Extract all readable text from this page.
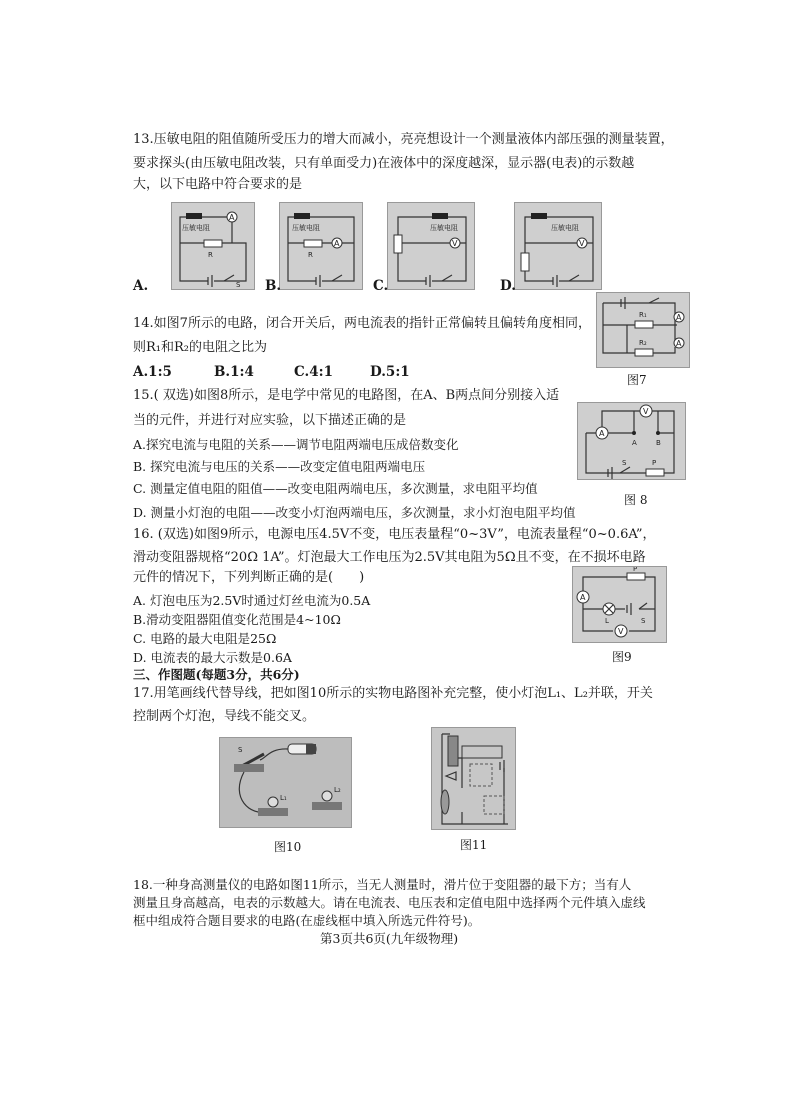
13.压敏电阻的阻值随所受压力的增大而减小，亮亮想设计一个测量液体内部压强的测量装置，
要求探头(由压敏电阻改装，只有单面受力)在液体中的深度越深，显示器(电表)的示数越
大，以下电路中符合要求的是
A
压敏电阻
R
S
A
压敏电阻
R
V
压敏电阻
V
压敏电阻
A.	B.	C.	D.
14.如图7所示的电路，闭合开关后，两电流表的指针正常偏转且偏转角度相同，
则R₁和R₂的电阻之比为
A.1:5	B.1:4	C.4:1	D.5:1
A
A
R₁
R₂
图7
15.( 双选)如图8所示，是电学中常见的电路图，在A、B两点间分别接入适
当的元件，并进行对应实验，以下描述正确的是
A.探究电流与电阻的关系——调节电阻两端电压成倍数变化
B. 探究电流与电压的关系——改变定值电阻两端电压
C. 测量定值电阻的阻值——改变电阻两端电压，多次测量，求电阻平均值
D. 测量小灯泡的电阻——改变小灯泡两端电压，多次测量，求小灯泡电阻平均值
A
V
A	B
S	P
图 8
16. (双选)如图9所示，电源电压4.5V不变，电压表量程“0~3V”，电流表量程“0~0.6A”，
滑动变阻器规格“20Ω 1A”。灯泡最大工作电压为2.5V其电阻为5Ω且不变，在不损坏电路
元件的情况下，下列判断正确的是(　　)
A. 灯泡电压为2.5V时通过灯丝电流为0.5A
B.滑动变阻器阻值变化范围是4~10Ω
C. 电路的最大电阻是25Ω
D. 电流表的最大示数是0.6A
A
V
P
L	S
图9
三、作图题(每题3分，共6分)
17.用笔画线代替导线，把如图10所示的实物电路图补充完整，使小灯泡L₁、L₂并联，开关
控制两个灯泡，导线不能交叉。
S
L₁
L₂
图10	图11
18.一种身高测量仪的电路如图11所示，当无人测量时，滑片位于变阻器的最下方；当有人
测量且身高越高，电表的示数越大。请在电流表、电压表和定值电阻中选择两个元件填入虚线
框中组成符合题目要求的电路(在虚线框中填入所选元件符号)。
第3页共6页(九年级物理)
